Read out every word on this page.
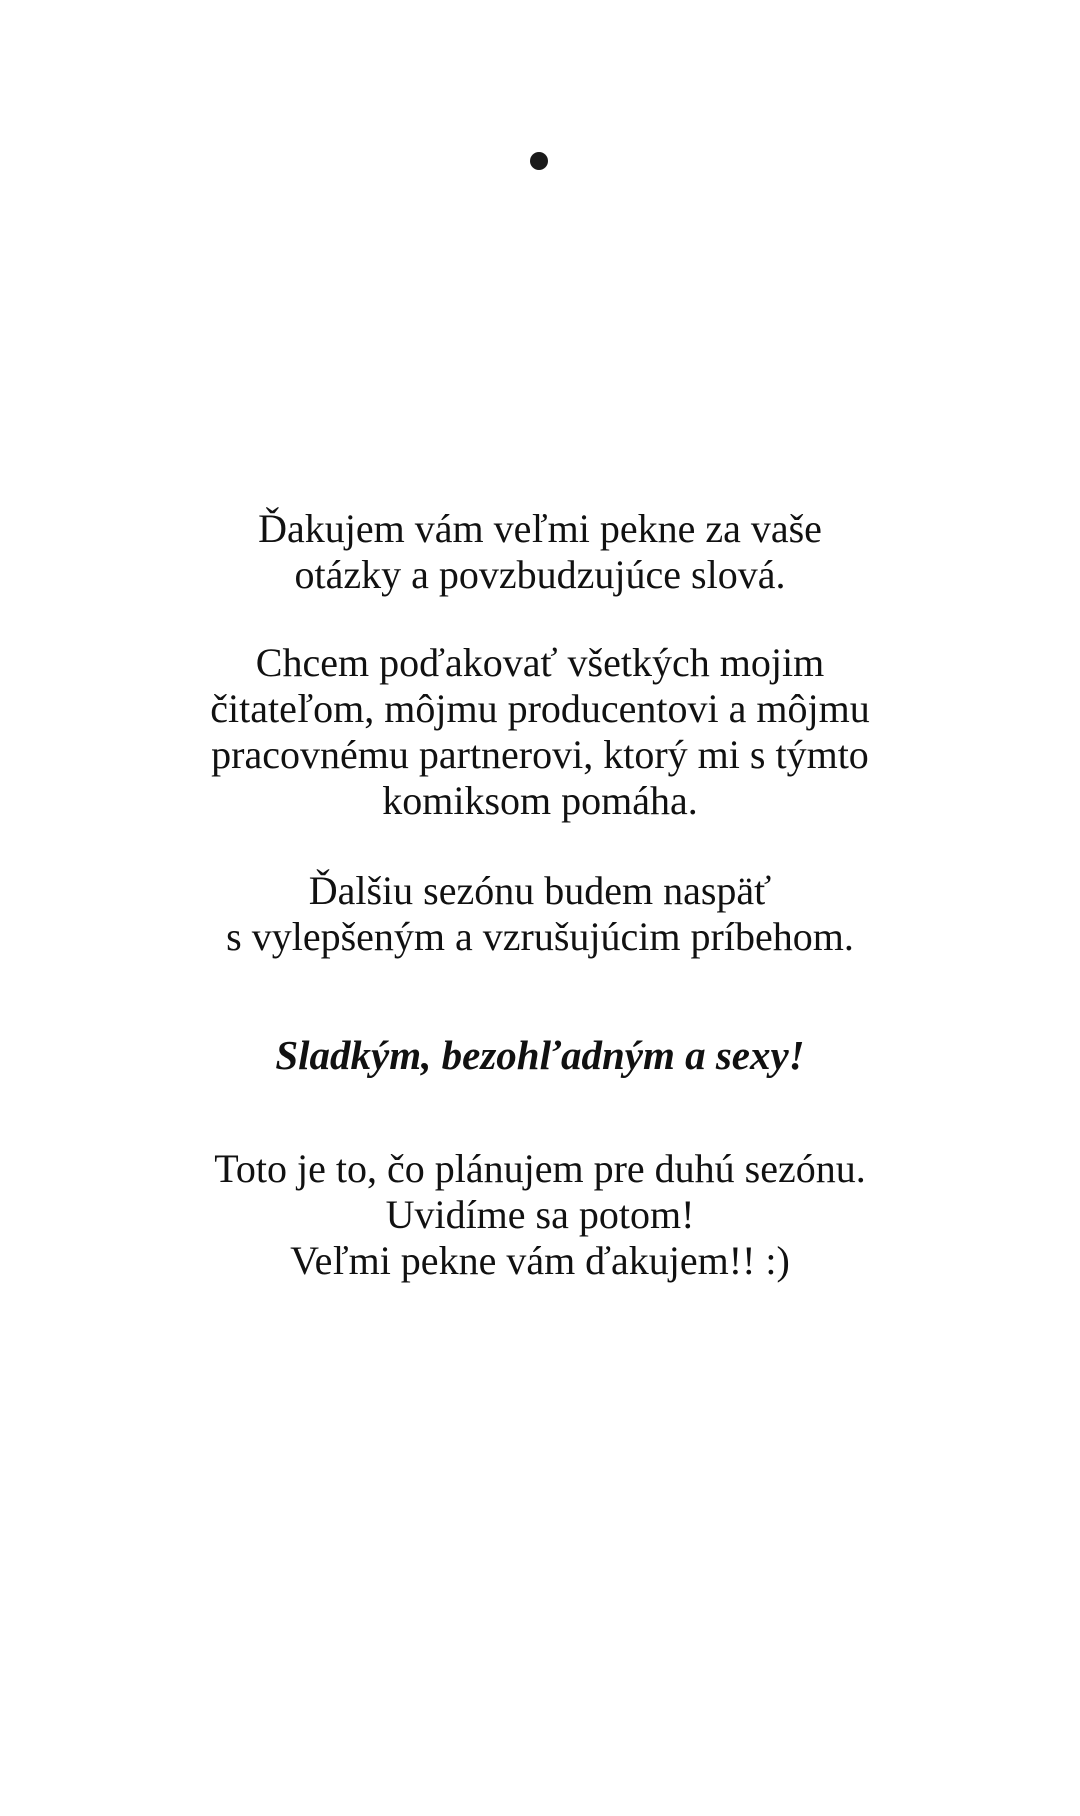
Ďakujem vám veľmi pekne za vaše
otázky a povzbudzujúce slová.
Chcem poďakovať všetkých mojim
čitateľom, môjmu producentovi a môjmu
pracovnému partnerovi, ktorý mi s týmto
komiksom pomáha.
Ďalšiu sezónu budem naspäť
s vylepšeným a vzrušujúcim príbehom.
Sladkým, bezohľadným a sexy!
Toto je to, čo plánujem pre duhú sezónu.
Uvidíme sa potom!
Veľmi pekne vám ďakujem!! :)
